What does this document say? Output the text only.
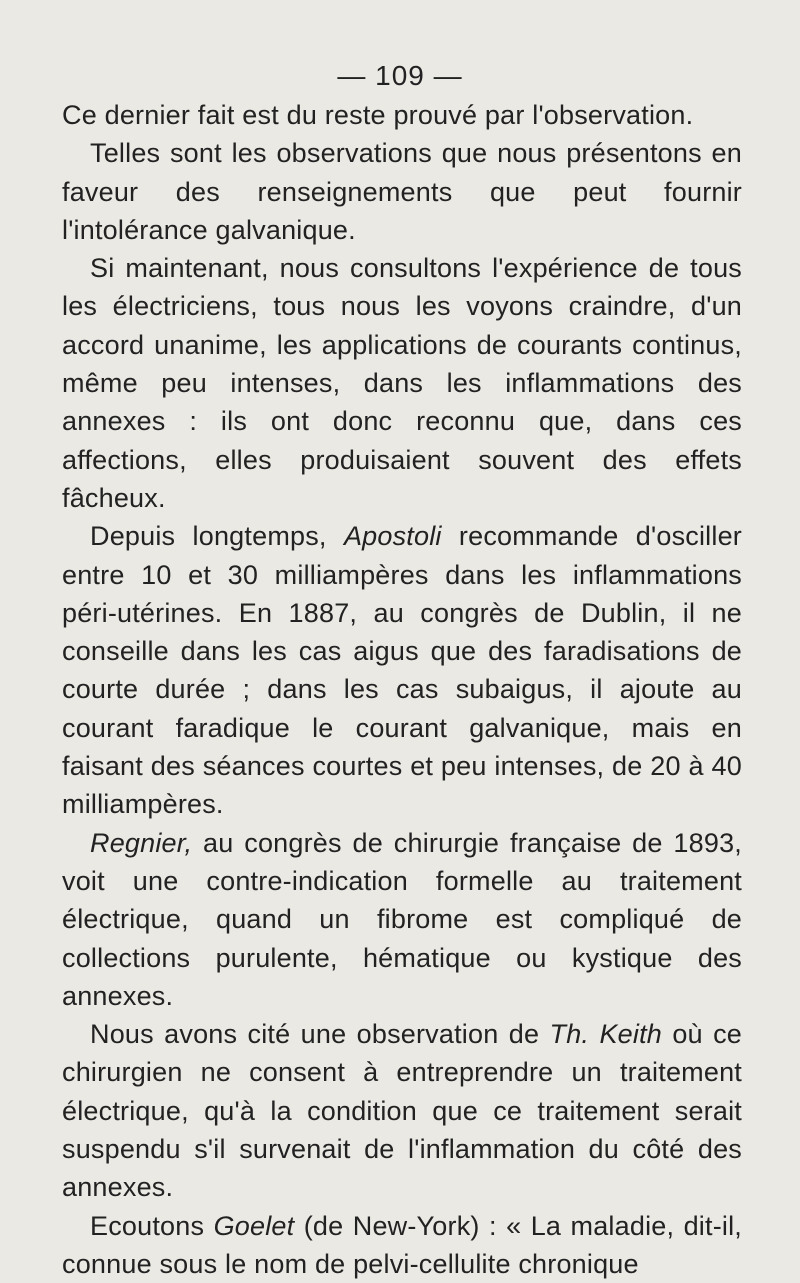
— 109 —

Ce dernier fait est du reste prouvé par l'observation.

Telles sont les observations que nous présentons en faveur des renseignements que peut fournir l'intolérance galvanique.

Si maintenant, nous consultons l'expérience de tous les électriciens, tous nous les voyons craindre, d'un accord unanime, les applications de courants continus, même peu intenses, dans les inflammations des annexes : ils ont donc reconnu que, dans ces affections, elles produisaient souvent des effets fâcheux.

Depuis longtemps, Apostoli recommande d'osciller entre 10 et 30 milliampères dans les inflammations péri-utérines. En 1887, au congrès de Dublin, il ne conseille dans les cas aigus que des faradisations de courte durée ; dans les cas subaigus, il ajoute au courant faradique le courant galvanique, mais en faisant des séances courtes et peu intenses, de 20 à 40 milliampères.

Regnier, au congrès de chirurgie française de 1893, voit une contre-indication formelle au traitement électrique, quand un fibrome est compliqué de collections purulente, hématique ou kystique des annexes.

Nous avons cité une observation de Th. Keith où ce chirurgien ne consent à entreprendre un traitement électrique, qu'à la condition que ce traitement serait suspendu s'il survenait de l'inflammation du côté des annexes.

Ecoutons Goelet (de New-York) : « La maladie, dit-il, connue sous le nom de pelvi-cellulite chronique
